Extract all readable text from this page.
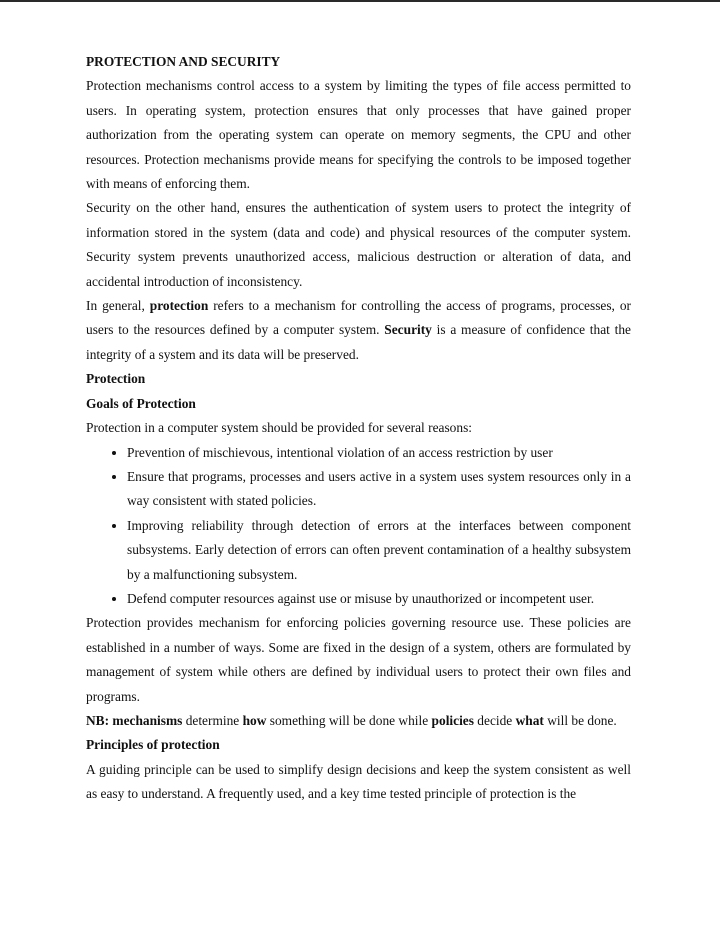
PROTECTION AND SECURITY

Protection mechanisms control access to a system by limiting the types of file access permitted to users. In operating system, protection ensures that only processes that have gained proper authorization from the operating system can operate on memory segments, the CPU and other resources. Protection mechanisms provide means for specifying the controls to be imposed together with means of enforcing them.

Security on the other hand, ensures the authentication of system users to protect the integrity of information stored in the system (data and code) and physical resources of the computer system. Security system prevents unauthorized access, malicious destruction or alteration of data, and accidental introduction of inconsistency.

In general, protection refers to a mechanism for controlling the access of programs, processes, or users to the resources defined by a computer system. Security is a measure of confidence that the integrity of a system and its data will be preserved.

Protection

Goals of Protection

Protection in a computer system should be provided for several reasons:

• Prevention of mischievous, intentional violation of an access restriction by user
• Ensure that programs, processes and users active in a system uses system resources only in a way consistent with stated policies.
• Improving reliability through detection of errors at the interfaces between component subsystems. Early detection of errors can often prevent contamination of a healthy subsystem by a malfunctioning subsystem.
• Defend computer resources against use or misuse by unauthorized or incompetent user.

Protection provides mechanism for enforcing policies governing resource use. These policies are established in a number of ways. Some are fixed in the design of a system, others are formulated by management of system while others are defined by individual users to protect their own files and programs.

NB: mechanisms determine how something will be done while policies decide what will be done.

Principles of protection

A guiding principle can be used to simplify design decisions and keep the system consistent as well as easy to understand. A frequently used, and a key time tested principle of protection is the
